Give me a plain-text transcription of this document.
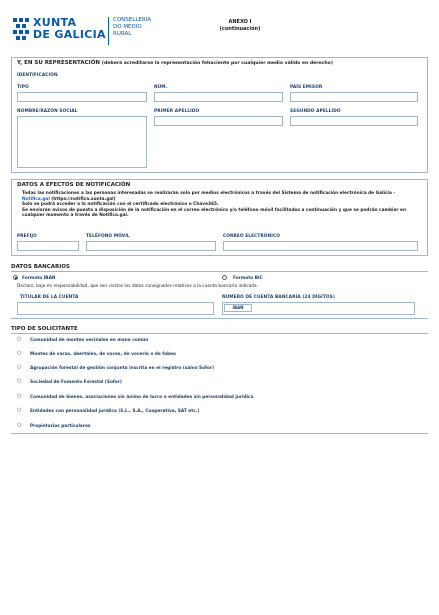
XUNTA
DE GALICIA
CONSELLERÍA
DO MEDIO
RURAL
ANEXO I
(continuación)
Y, EN SU REPRESENTACIÓN (deberá acreditarse la representación fehaciente por cualquier medio válido en derecho)
IDENTIFICACIÓN
TIPO	NÚM.	PAÍS EMISOR
NOMBRE/RAZÓN SOCIAL	PRIMER APELLIDO	SEGUNDO APELLIDO
DATOS A EFECTOS DE NOTIFICACIÓN
Todas las notificaciones a las personas interesadas se realizarán solo por medios electrónicos a través del Sistema de notificación electrónica de Galicia -
Notifica.gal (https://notifica.xunta.gal)
Solo se podrá acceder a la notificación con el certificado electrónico o Chave365.
Se enviarán avisos de puesta a disposición de la notificación en el correo electrónico y/o teléfono móvil facilitados a continuación y que se podrán cambiar en
cualquier momento a través de Notifica.gal.
PREFIJO	TELÉFONO MÓVIL	CORREO ELECTRÓNICO
DATOS BANCARIOS
Formato IBAN	Formato BIC
Declaro, bajo mi responsabilidad, que son ciertos los datos consignados relativos a la cuenta bancaria indicada.
TITULAR DE LA CUENTA	NÚMERO DE CUENTA BANCARIA (24 DÍGITOS)
IBAN
TIPO DE SOLICITANTE
○ Comunidad de montes vecinales en mano común
○ Montes de varas, abertales, de voces, de vocerío o de fabeo
○ Agrupación forestal de gestión conjunta inscrita en el registro (salvo Sofor)
○ Sociedad de Fomento Forestal (Sofor)
○ Comunidad de bienes, asociaciones sin ánimo de lucro o entidades sin personalidad jurídica
○ Entidades con personalidad jurídica (S.L., S.A., Cooperativa, SAT etc.)
○ Propietarios particulares
